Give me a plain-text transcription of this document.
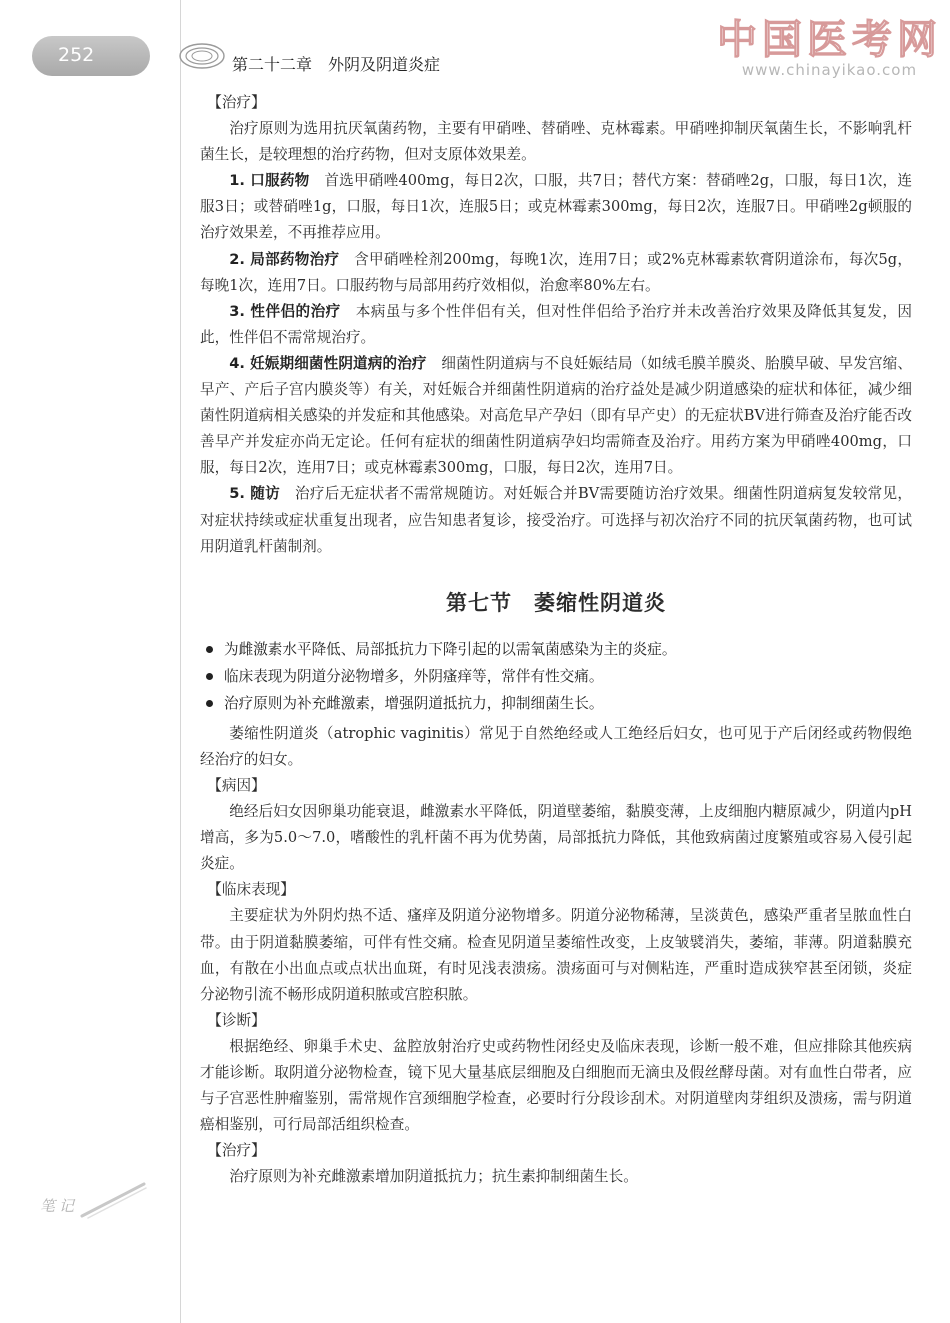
252	第二十二章　外阴及阴道炎症
中国医考网
www.chinayikao.com
【治疗】

治疗原则为选用抗厌氧菌药物，主要有甲硝唑、替硝唑、克林霉素。甲硝唑抑制厌氧菌生长，不影响乳杆菌生长，是较理想的治疗药物，但对支原体效果差。

1. 口服药物　 首选甲硝唑400mg，每日2次，口服，共7日；替代方案：替硝唑2g，口服，每日1次，连服3日；或替硝唑1g，口服，每日1次，连服5日；或克林霉素300mg，每日2次，连服7日。甲硝唑2g顿服的治疗效果差，不再推荐应用。

2. 局部药物治疗　 含甲硝唑栓剂200mg，每晚1次，连用7日；或2%克林霉素软膏阴道涂布，每次5g，每晚1次，连用7日。口服药物与局部用药疗效相似，治愈率80%左右。

3. 性伴侣的治疗　 本病虽与多个性伴侣有关，但对性伴侣给予治疗并未改善治疗效果及降低其复发，因此，性伴侣不需常规治疗。

4. 妊娠期细菌性阴道病的治疗　 细菌性阴道病与不良妊娠结局（如绒毛膜羊膜炎、胎膜早破、早发宫缩、早产、产后子宫内膜炎等）有关，对妊娠合并细菌性阴道病的治疗益处是减少阴道感染的症状和体征，减少细菌性阴道病相关感染的并发症和其他感染。对高危早产孕妇（即有早产史）的无症状BV进行筛查及治疗能否改善早产并发症亦尚无定论。任何有症状的细菌性阴道病孕妇均需筛查及治疗。用药方案为甲硝唑400mg，口服，每日2次，连用7日；或克林霉素300mg，口服，每日2次，连用7日。

5. 随访　 治疗后无症状者不需常规随访。对妊娠合并BV需要随访治疗效果。细菌性阴道病复发较常见，对症状持续或症状重复出现者，应告知患者复诊，接受治疗。可选择与初次治疗不同的抗厌氧菌药物，也可试用阴道乳杆菌制剂。

第七节 萎缩性阴道炎
为雌激素水平降低、局部抵抗力下降引起的以需氧菌感染为主的炎症。
临床表现为阴道分泌物增多，外阴瘙痒等，常伴有性交痛。
治疗原则为补充雌激素，增强阴道抵抗力，抑制细菌生长。

萎缩性阴道炎（atrophic vaginitis）常见于自然绝经或人工绝经后妇女，也可见于产后闭经或药物假绝经治疗的妇女。

【病因】

绝经后妇女因卵巢功能衰退，雌激素水平降低，阴道壁萎缩，黏膜变薄，上皮细胞内糖原减少，阴道内pH增高，多为5.0～7.0，嗜酸性的乳杆菌不再为优势菌，局部抵抗力降低，其他致病菌过度繁殖或容易入侵引起炎症。

【临床表现】

主要症状为外阴灼热不适、瘙痒及阴道分泌物增多。阴道分泌物稀薄，呈淡黄色，感染严重者呈脓血性白带。由于阴道黏膜萎缩，可伴有性交痛。检查见阴道呈萎缩性改变，上皮皱襞消失，萎缩，菲薄。阴道黏膜充血，有散在小出血点或点状出血斑，有时见浅表溃疡。溃疡面可与对侧粘连，严重时造成狭窄甚至闭锁，炎症分泌物引流不畅形成阴道积脓或宫腔积脓。

【诊断】

根据绝经、卵巢手术史、盆腔放射治疗史或药物性闭经史及临床表现，诊断一般不难，但应排除其他疾病才能诊断。取阴道分泌物检查，镜下见大量基底层细胞及白细胞而无滴虫及假丝酵母菌。对有血性白带者，应与子宫恶性肿瘤鉴别，需常规作宫颈细胞学检查，必要时行分段诊刮术。对阴道壁肉芽组织及溃疡，需与阴道癌相鉴别，可行局部活组织检查。

【治疗】

治疗原则为补充雌激素增加阴道抵抗力；抗生素抑制细菌生长。

笔记
